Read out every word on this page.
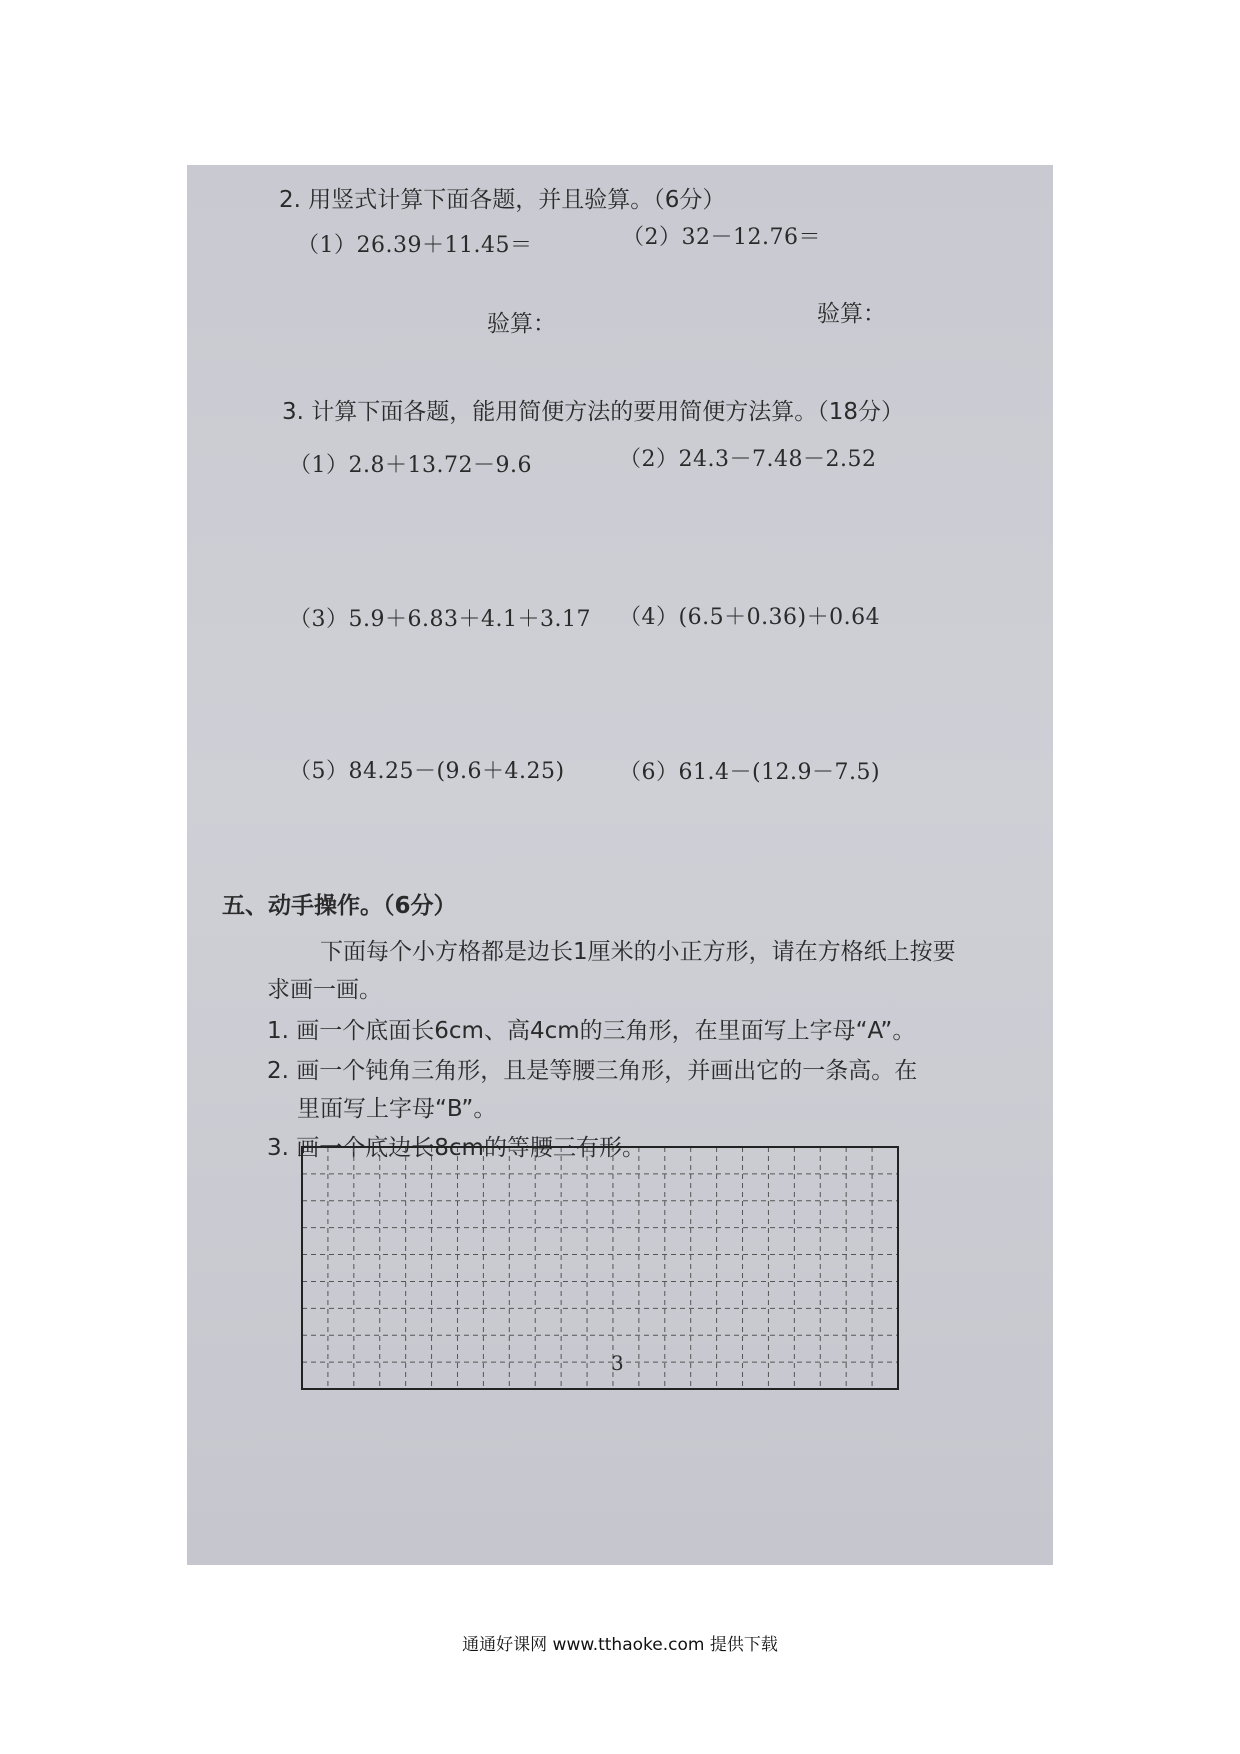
2. 用竖式计算下面各题，并且验算。（6分）
（1）26.39＋11.45＝	（2）32－12.76＝
验算：	验算：
3. 计算下面各题，能用简便方法的要用简便方法算。（18分）
（1）2.8＋13.72－9.6	（2）24.3－7.48－2.52
（3）5.9＋6.83＋4.1＋3.17 （4）(6.5＋0.36)＋0.64
（5）84.25－(9.6＋4.25) （6）61.4－(12.9－7.5)
五、动手操作。（6分）
下面每个小方格都是边长1厘米的小正方形，请在方格纸上按要
求画一画。
1. 画一个底面长6cm、高4cm的三角形，在里面写上字母“A”。
2. 画一个钝角三角形，且是等腰三角形，并画出它的一条高。在
里面写上字母“B”。
3. 画一个底边长8cm的等腰三有形。
3
通通好课网 www.tthaoke.com 提供下载
